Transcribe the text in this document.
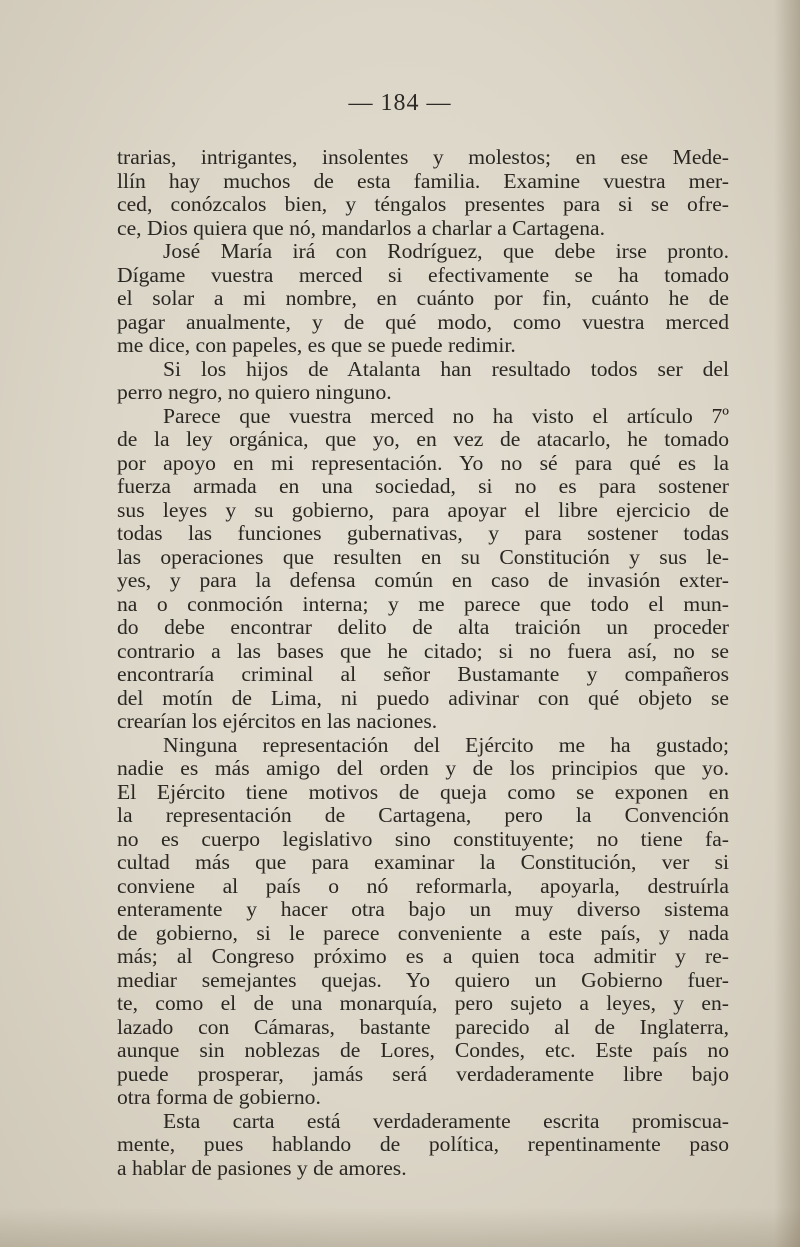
— 184 —

trarias, intrigantes, insolentes y molestos; en ese Mede-
llín hay muchos de esta familia. Examine vuestra mer-
ced, conózcalos bien, y téngalos presentes para si se ofre-
ce, Dios quiera que nó, mandarlos a charlar a Cartagena.

José María irá con Rodríguez, que debe irse pronto.
Dígame vuestra merced si efectivamente se ha tomado
el solar a mi nombre, en cuánto por fin, cuánto he de
pagar anualmente, y de qué modo, como vuestra merced
me dice, con papeles, es que se puede redimir.

Si los hijos de Atalanta han resultado todos ser del
perro negro, no quiero ninguno.

Parece que vuestra merced no ha visto el artículo 7º
de la ley orgánica, que yo, en vez de atacarlo, he tomado
por apoyo en mi representación. Yo no sé para qué es la
fuerza armada en una sociedad, si no es para sostener
sus leyes y su gobierno, para apoyar el libre ejercicio de
todas las funciones gubernativas, y para sostener todas
las operaciones que resulten en su Constitución y sus le-
yes, y para la defensa común en caso de invasión exter-
na o conmoción interna; y me parece que todo el mun-
do debe encontrar delito de alta traición un proceder
contrario a las bases que he citado; si no fuera así, no se
encontraría criminal al señor Bustamante y compañeros
del motín de Lima, ni puedo adivinar con qué objeto se
crearían los ejércitos en las naciones.

Ninguna representación del Ejército me ha gustado;
nadie es más amigo del orden y de los principios que yo.
El Ejército tiene motivos de queja como se exponen en
la representación de Cartagena, pero la Convención
no es cuerpo legislativo sino constituyente; no tiene fa-
cultad más que para examinar la Constitución, ver si
conviene al país o nó reformarla, apoyarla, destruírla
enteramente y hacer otra bajo un muy diverso sistema
de gobierno, si le parece conveniente a este país, y nada
más; al Congreso próximo es a quien toca admitir y re-
mediar semejantes quejas. Yo quiero un Gobierno fuer-
te, como el de una monarquía, pero sujeto a leyes, y en-
lazado con Cámaras, bastante parecido al de Inglaterra,
aunque sin noblezas de Lores, Condes, etc. Este país no
puede prosperar, jamás será verdaderamente libre bajo
otra forma de gobierno.

Esta carta está verdaderamente escrita promiscua-
mente, pues hablando de política, repentinamente paso
a hablar de pasiones y de amores.
